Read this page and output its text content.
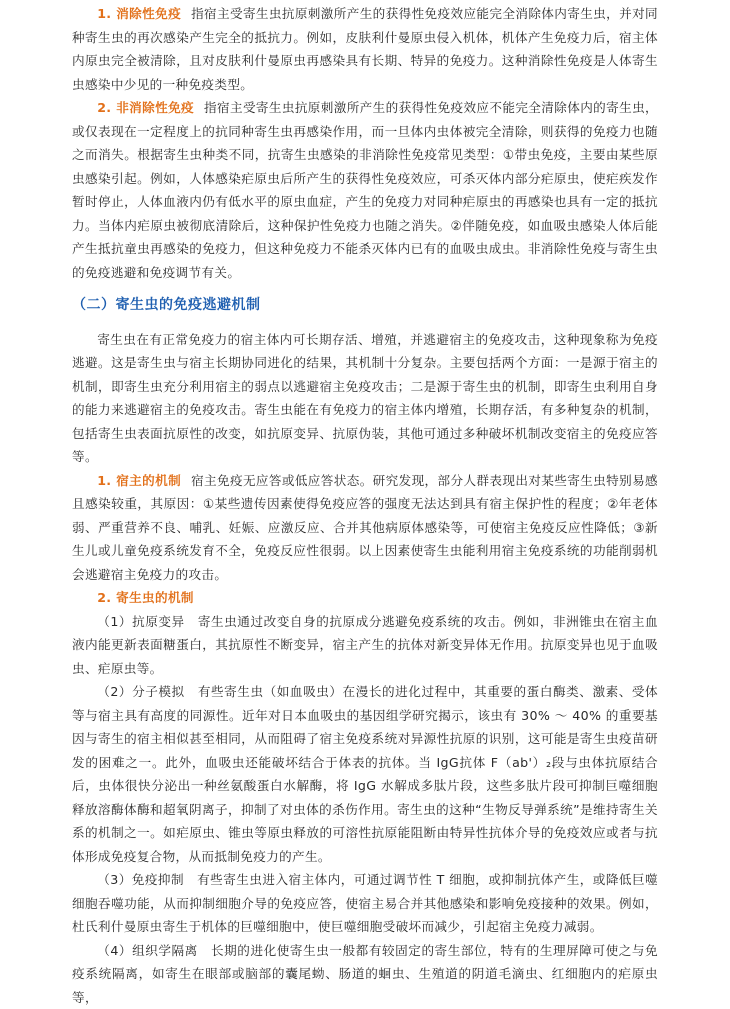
1. 消除性免疫 指宿主受寄生虫抗原刺激所产生的获得性免疫效应能完全消除体内寄生虫，并对同种寄生虫的再次感染产生完全的抵抗力。例如，皮肤利什曼原虫侵入机体，机体产生免疫力后，宿主体内原虫完全被清除，且对皮肤利什曼原虫再感染具有长期、特异的免疫力。这种消除性免疫是人体寄生虫感染中少见的一种免疫类型。

2. 非消除性免疫 指宿主受寄生虫抗原刺激所产生的获得性免疫效应不能完全清除体内的寄生虫，或仅表现在一定程度上的抗同种寄生虫再感染作用，而一旦体内虫体被完全清除，则获得的免疫力也随之而消失。根据寄生虫种类不同，抗寄生虫感染的非消除性免疫常见类型：①带虫免疫，主要由某些原虫感染引起。例如，人体感染疟原虫后所产生的获得性免疫效应，可杀灭体内部分疟原虫，使疟疾发作暂时停止，人体血液内仍有低水平的原虫血症，产生的免疫力对同种疟原虫的再感染也具有一定的抵抗力。当体内疟原虫被彻底清除后，这种保护性免疫力也随之消失。②伴随免疫，如血吸虫感染人体后能产生抵抗童虫再感染的免疫力，但这种免疫力不能杀灭体内已有的血吸虫成虫。非消除性免疫与寄生虫的免疫逃避和免疫调节有关。

（二）寄生虫的免疫逃避机制

寄生虫在有正常免疫力的宿主体内可长期存活、增殖，并逃避宿主的免疫攻击，这种现象称为免疫逃避。这是寄生虫与宿主长期协同进化的结果，其机制十分复杂。主要包括两个方面：一是源于宿主的机制，即寄生虫充分利用宿主的弱点以逃避宿主免疫攻击；二是源于寄生虫的机制，即寄生虫利用自身的能力来逃避宿主的免疫攻击。寄生虫能在有免疫力的宿主体内增殖，长期存活，有多种复杂的机制，包括寄生虫表面抗原性的改变，如抗原变异、抗原伪装，其他可通过多种破坏机制改变宿主的免疫应答等。

1. 宿主的机制 宿主免疫无应答或低应答状态。研究发现，部分人群表现出对某些寄生虫特别易感且感染较重，其原因：①某些遗传因素使得免疫应答的强度无法达到具有宿主保护性的程度；②年老体弱、严重营养不良、哺乳、妊娠、应激反应、合并其他病原体感染等，可使宿主免疫反应性降低；③新生儿或儿童免疫系统发育不全，免疫反应性很弱。以上因素使寄生虫能利用宿主免疫系统的功能削弱机会逃避宿主免疫力的攻击。

2. 寄生虫的机制

（1）抗原变异　寄生虫通过改变自身的抗原成分逃避免疫系统的攻击。例如，非洲锥虫在宿主血液内能更新表面糖蛋白，其抗原性不断变异，宿主产生的抗体对新变异体无作用。抗原变异也见于血吸虫、疟原虫等。

（2）分子模拟　有些寄生虫（如血吸虫）在漫长的进化过程中，其重要的蛋白酶类、激素、受体等与宿主具有高度的同源性。近年对日本血吸虫的基因组学研究揭示，该虫有 30% ～ 40% 的重要基因与寄生的宿主相似甚至相同，从而阻碍了宿主免疫系统对异源性抗原的识别，这可能是寄生虫疫苗研发的困难之一。此外，血吸虫还能破坏结合于体表的抗体。当 IgG抗体 F（ab'）₂段与虫体抗原结合后，虫体很快分泌出一种丝氨酸蛋白水解酶，将 IgG 水解成多肽片段，这些多肽片段可抑制巨噬细胞释放溶酶体酶和超氧阴离子，抑制了对虫体的杀伤作用。寄生虫的这种“生物反导弹系统”是维持寄生关系的机制之一。如疟原虫、锥虫等原虫释放的可溶性抗原能阻断由特异性抗体介导的免疫效应或者与抗体形成免疫复合物，从而抵制免疫力的产生。

（3）免疫抑制　有些寄生虫进入宿主体内，可通过调节性 T 细胞，或抑制抗体产生，或降低巨噬细胞吞噬功能，从而抑制细胞介导的免疫应答，使宿主易合并其他感染和影响免疫接种的效果。例如，杜氏利什曼原虫寄生于机体的巨噬细胞中，使巨噬细胞受破坏而减少，引起宿主免疫力减弱。

（4）组织学隔离　长期的进化使寄生虫一般都有较固定的寄生部位，特有的生理屏障可使之与免疫系统隔离，如寄生在眼部或脑部的囊尾蚴、肠道的蛔虫、生殖道的阴道毛滴虫、红细胞内的疟原虫等，
